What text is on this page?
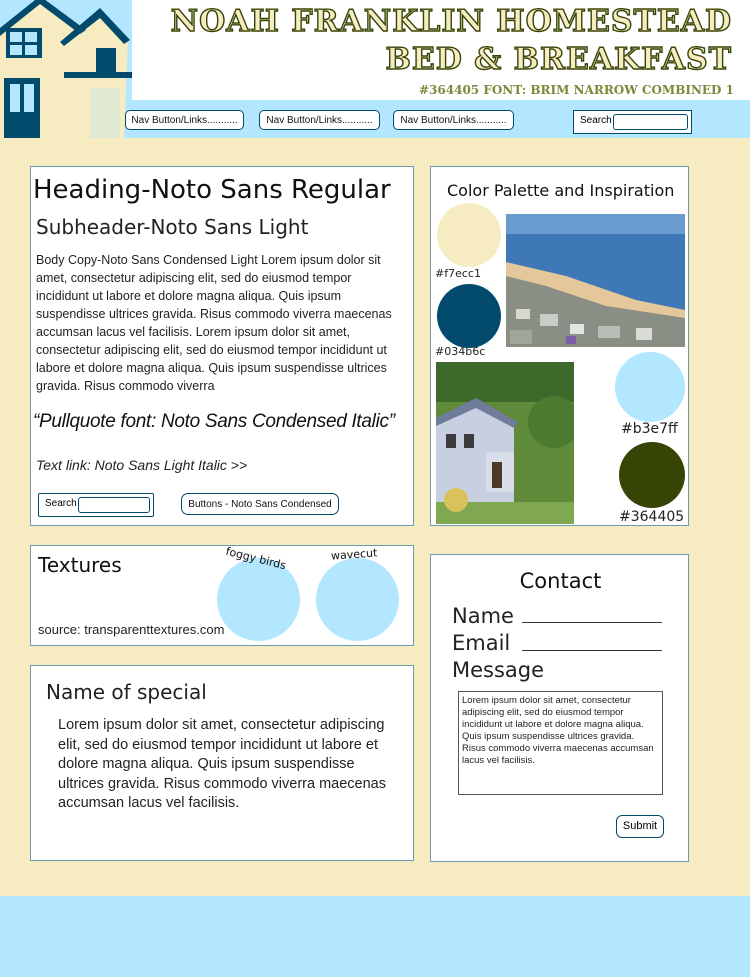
NOAH FRANKLIN HOMESTEAD
BED & BREAKFAST
#364405 FONT: BRIM NARROW COMBINED 1
Nav Button/Links...........	Nav Button/Links...........	Nav Button/Links...........	Search
Heading-Noto Sans Regular
Subheader-Noto Sans Light
Body Copy-Noto Sans Condensed Light Lorem ipsum dolor sit amet, consectetur adipiscing elit, sed do eiusmod tempor incididunt ut labore et dolore magna aliqua. Quis ipsum suspendisse ultrices gravida. Risus commodo viverra maecenas accumsan lacus vel facilisis. Lorem ipsum dolor sit amet, consectetur adipiscing elit, sed do eiusmod tempor incididunt ut labore et dolore magna aliqua. Quis ipsum suspendisse ultrices gravida. Risus commodo viverra
“Pullquote font: Noto Sans Condensed Italic”
Text link: Noto Sans Light Italic >>
Search	Buttons - Noto Sans Condensed
Color Palette and Inspiration
#f7ecc1
#034b6c
#b3e7ff
#364405
Textures
source: transparenttextures.com
foggy birds	wavecut
Name of special
Lorem ipsum dolor sit amet, consectetur adipiscing elit, sed do eiusmod tempor incididunt ut labore et dolore magna aliqua. Quis ipsum suspendisse ultrices gravida. Risus commodo viverra maecenas accumsan lacus vel facilisis.
Contact
Name
Email
Message
Lorem ipsum dolor sit amet, consectetur adipiscing elit, sed do eiusmod tempor incididunt ut labore et dolore magna aliqua. Quis ipsum suspendisse ultrices gravida. Risus commodo viverra maecenas accumsan lacus vel facilisis.
Submit
